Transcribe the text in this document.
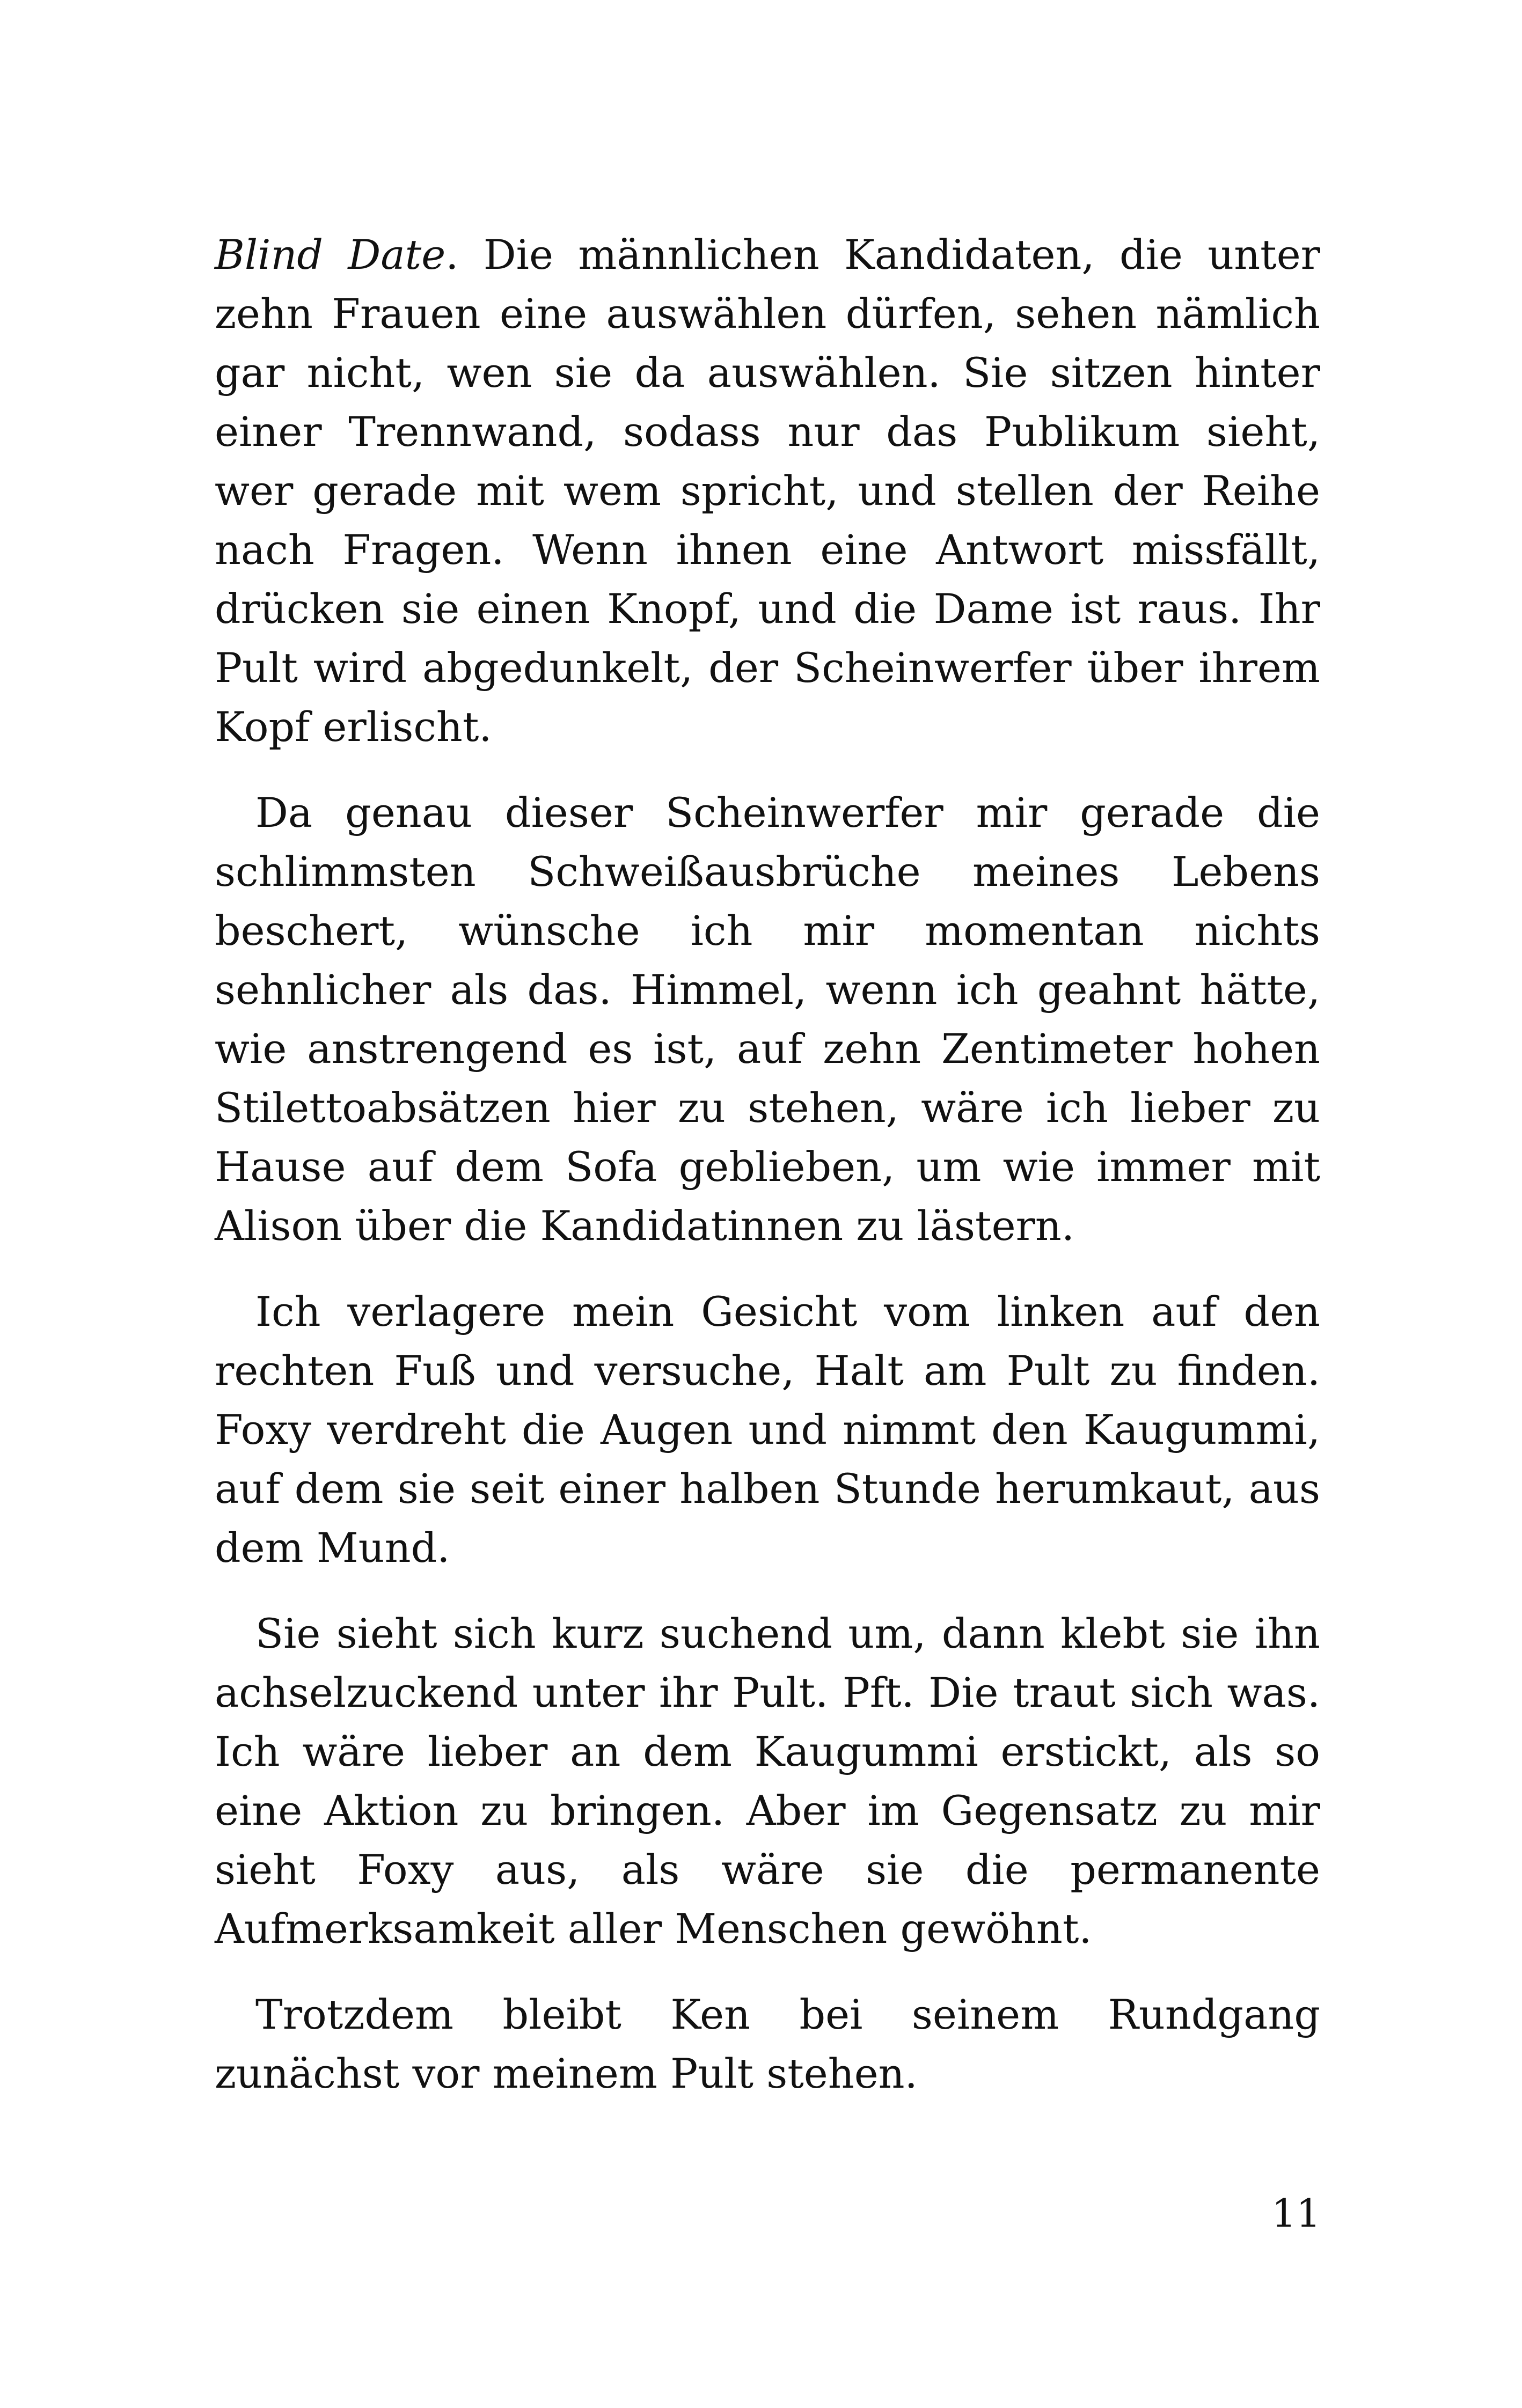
Blind Date. Die männlichen Kandidaten, die unter zehn Frauen eine auswählen dürfen, sehen nämlich gar nicht, wen sie da auswählen. Sie sitzen hinter einer Trennwand, sodass nur das Publikum sieht, wer gerade mit wem spricht, und stellen der Reihe nach Fragen. Wenn ihnen eine Antwort missfällt, drücken sie einen Knopf, und die Dame ist raus. Ihr Pult wird abgedunkelt, der Scheinwerfer über ihrem Kopf erlischt.

Da genau dieser Scheinwerfer mir gerade die schlimmsten Schweißausbrüche meines Lebens beschert, wünsche ich mir momentan nichts sehnlicher als das. Himmel, wenn ich geahnt hätte, wie anstrengend es ist, auf zehn Zentimeter hohen Stilettoabsätzen hier zu stehen, wäre ich lieber zu Hause auf dem Sofa geblieben, um wie immer mit Alison über die Kandidatinnen zu lästern.

Ich verlagere mein Gesicht vom linken auf den rechten Fuß und versuche, Halt am Pult zu finden. Foxy verdreht die Augen und nimmt den Kaugummi, auf dem sie seit einer halben Stunde herumkaut, aus dem Mund.

Sie sieht sich kurz suchend um, dann klebt sie ihn achselzuckend unter ihr Pult. Pft. Die traut sich was. Ich wäre lieber an dem Kaugummi erstickt, als so eine Aktion zu bringen. Aber im Gegensatz zu mir sieht Foxy aus, als wäre sie die permanente Aufmerksamkeit aller Menschen gewöhnt.

Trotzdem bleibt Ken bei seinem Rundgang zunächst vor meinem Pult stehen.

11
